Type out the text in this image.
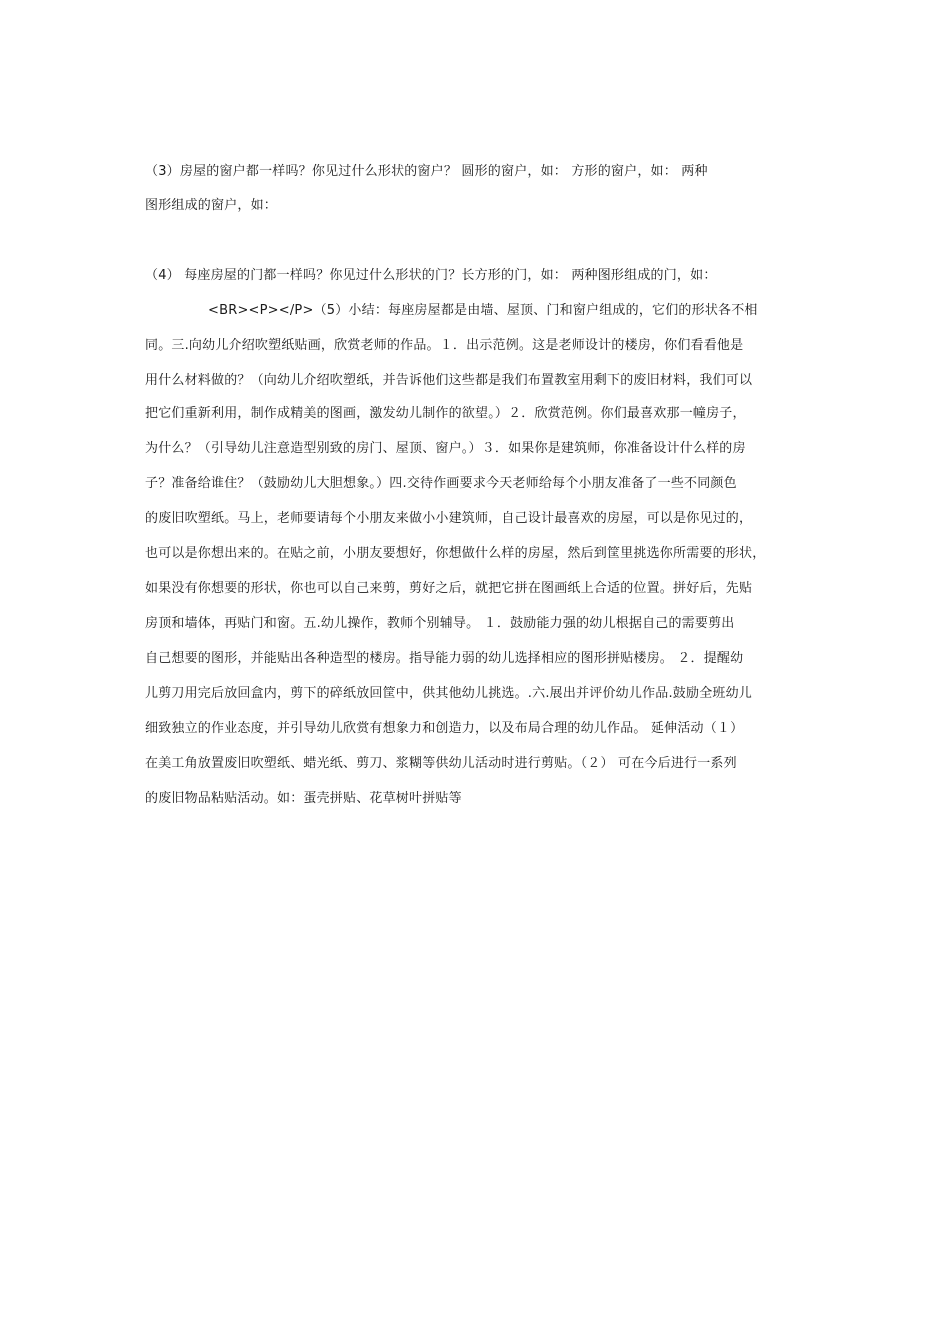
（3）房屋的窗户都一样吗？你见过什么形状的窗户？ 圆形的窗户，如： 方形的窗户，如： 两种
图形组成的窗户，如：
（4） 每座房屋的门都一样吗？你见过什么形状的门？长方形的门，如： 两种图形组成的门，如：
<BR><P></P>（5）小结：每座房屋都是由墙、屋顶、门和窗户组成的，它们的形状各不相
同。三.向幼儿介绍吹塑纸贴画，欣赏老师的作品。１．出示范例。这是老师设计的楼房，你们看看他是
用什么材料做的？（向幼儿介绍吹塑纸，并告诉他们这些都是我们布置教室用剩下的废旧材料，我们可以
把它们重新利用，制作成精美的图画，激发幼儿制作的欲望。）２．欣赏范例。你们最喜欢那一幢房子，
为什么？（引导幼儿注意造型别致的房门、屋顶、窗户。）３．如果你是建筑师，你准备设计什么样的房
子？准备给谁住？（鼓励幼儿大胆想象。）四.交待作画要求今天老师给每个小朋友准备了一些不同颜色
的废旧吹塑纸。马上，老师要请每个小朋友来做小小建筑师，自己设计最喜欢的房屋，可以是你见过的，
也可以是你想出来的。在贴之前，小朋友要想好，你想做什么样的房屋，然后到筐里挑选你所需要的形状，
如果没有你想要的形状，你也可以自己来剪，剪好之后，就把它拼在图画纸上合适的位置。拼好后，先贴
房顶和墙体，再贴门和窗。五.幼儿操作，教师个别辅导。 １．鼓励能力强的幼儿根据自己的需要剪出
自己想要的图形，并能贴出各种造型的楼房。指导能力弱的幼儿选择相应的图形拼贴楼房。 ２．提醒幼
儿剪刀用完后放回盒内，剪下的碎纸放回筐中，供其他幼儿挑选。.六.展出并评价幼儿作品.鼓励全班幼儿
细致独立的作业态度，并引导幼儿欣赏有想象力和创造力，以及布局合理的幼儿作品。 延伸活动（１）
在美工角放置废旧吹塑纸、蜡光纸、剪刀、浆糊等供幼儿活动时进行剪贴。（２） 可在今后进行一系列
的废旧物品粘贴活动。如：蛋壳拼贴、花草树叶拼贴等
